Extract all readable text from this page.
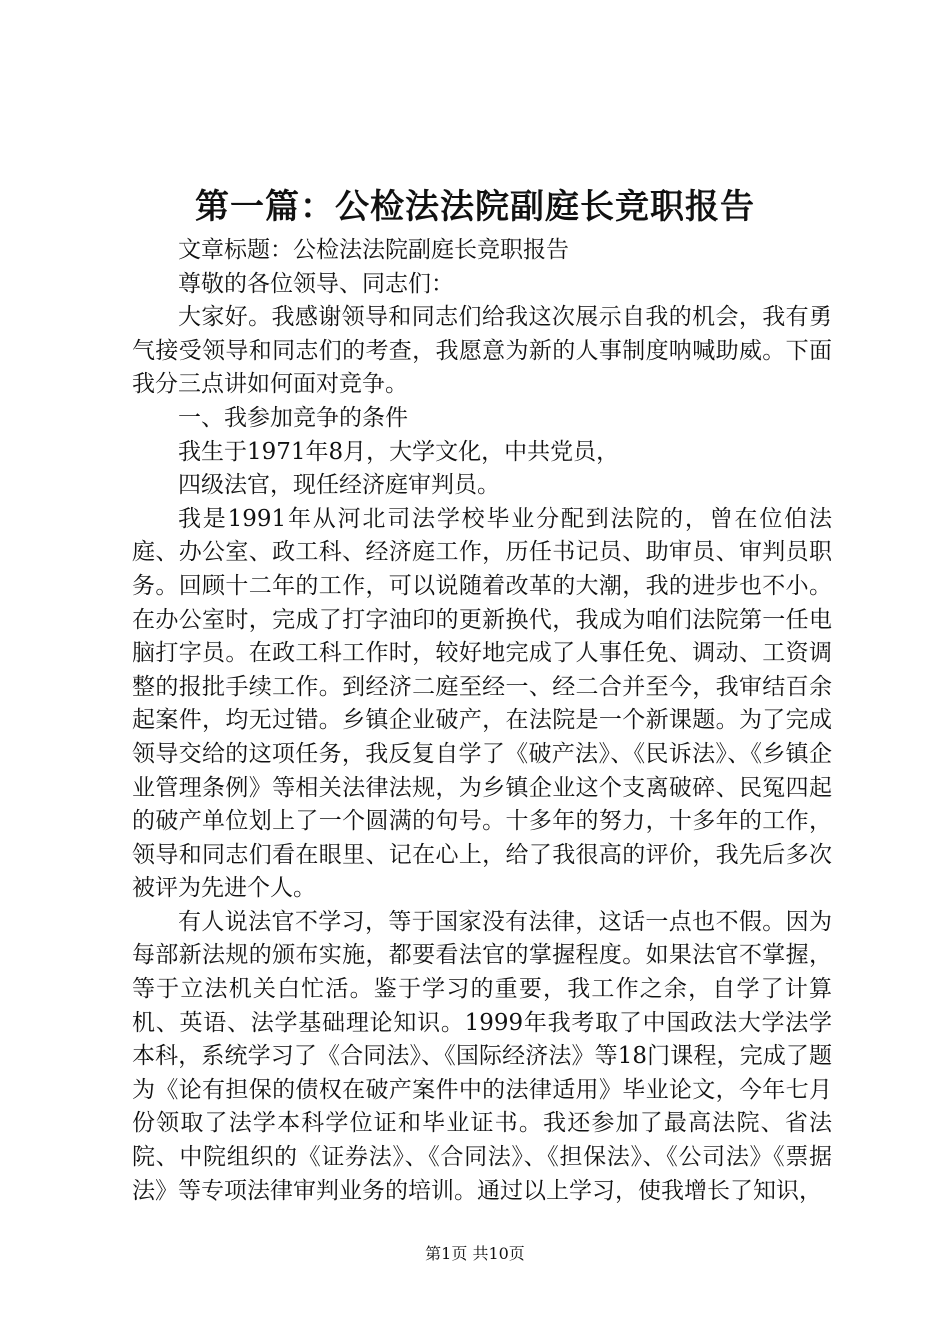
第一篇：公检法法院副庭长竞职报告

文章标题：公检法法院副庭长竞职报告

尊敬的各位领导、同志们：

大家好。我感谢领导和同志们给我这次展示自我的机会，我有勇气接受领导和同志们的考查，我愿意为新的人事制度呐喊助威。下面我分三点讲如何面对竞争。

一、我参加竞争的条件

我生于1971年8月，大学文化，中共党员，

四级法官，现任经济庭审判员。

我是1991年从河北司法学校毕业分配到法院的，曾在位伯法庭、办公室、政工科、经济庭工作，历任书记员、助审员、审判员职务。回顾十二年的工作，可以说随着改革的大潮，我的进步也不小。在办公室时，完成了打字油印的更新换代，我成为咱们法院第一任电脑打字员。在政工科工作时，较好地完成了人事任免、调动、工资调整的报批手续工作。到经济二庭至经一、经二合并至今，我审结百余起案件，均无过错。乡镇企业破产，在法院是一个新课题。为了完成领导交给的这项任务，我反复自学了《破产法》、《民诉法》、《乡镇企业管理条例》等相关法律法规，为乡镇企业这个支离破碎、民冤四起的破产单位划上了一个圆满的句号。十多年的努力，十多年的工作，领导和同志们看在眼里、记在心上，给了我很高的评价，我先后多次被评为先进个人。

有人说法官不学习，等于国家没有法律，这话一点也不假。因为每部新法规的颁布实施，都要看法官的掌握程度。如果法官不掌握，等于立法机关白忙活。鉴于学习的重要，我工作之余，自学了计算机、英语、法学基础理论知识。1999年我考取了中国政法大学法学本科，系统学习了《合同法》、《国际经济法》等18门课程，完成了题为《论有担保的债权在破产案件中的法律适用》毕业论文，今年七月份领取了法学本科学位证和毕业证书。我还参加了最高法院、省法院、中院组织的《证券法》、《合同法》、《担保法》、《公司法》《票据法》等专项法律审判业务的培训。通过以上学习，使我增长了知识，

第1页 共10页
